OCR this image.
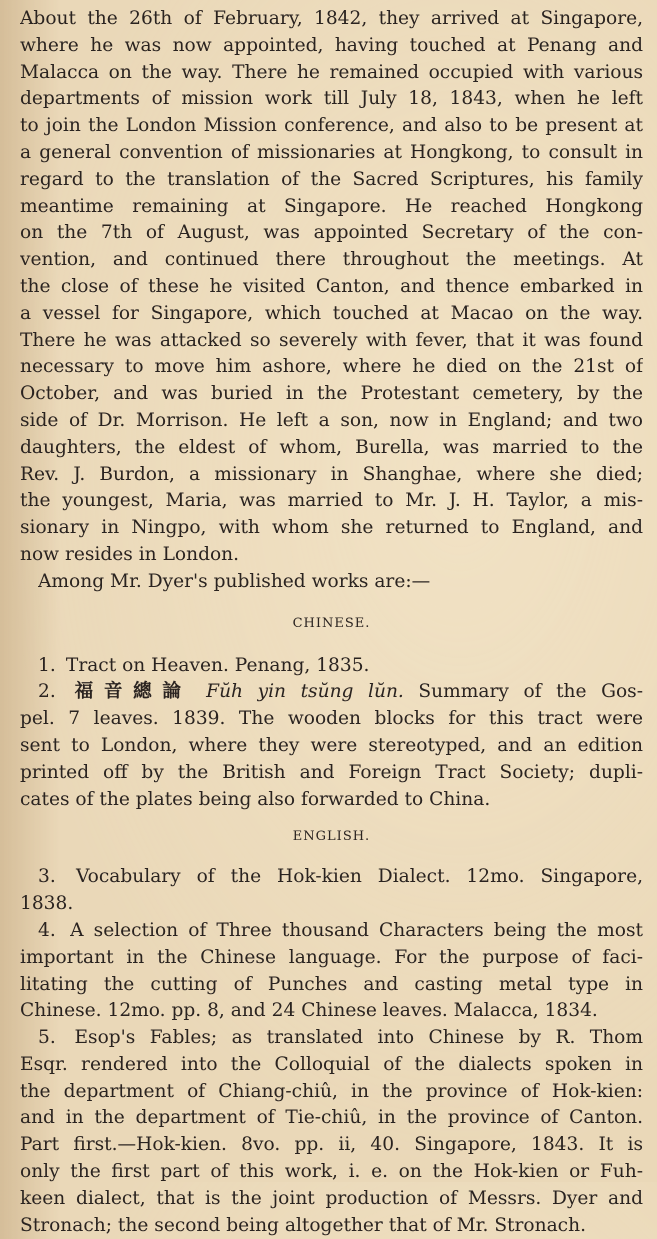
About the 26th of February, 1842, they arrived at Singapore,
where he was now appointed, having touched at Penang and
Malacca on the way. There he remained occupied with various
departments of mission work till July 18, 1843, when he left
to join the London Mission conference, and also to be present at
a general convention of missionaries at Hongkong, to consult in
regard to the translation of the Sacred Scriptures, his family
meantime remaining at Singapore. He reached Hongkong
on the 7th of August, was appointed Secretary of the con-
vention, and continued there throughout the meetings. At
the close of these he visited Canton, and thence embarked in
a vessel for Singapore, which touched at Macao on the way.
There he was attacked so severely with fever, that it was found
necessary to move him ashore, where he died on the 21st of
October, and was buried in the Protestant cemetery, by the
side of Dr. Morrison. He left a son, now in England; and two
daughters, the eldest of whom, Burella, was married to the
Rev. J. Burdon, a missionary in Shanghae, where she died;
the youngest, Maria, was married to Mr. J. H. Taylor, a mis-
sionary in Ningpo, with whom she returned to England, and
now resides in London.
Among Mr. Dyer's published works are:—
CHINESE.
1. Tract on Heaven. Penang, 1835.
2. 福音總論 Fŭh yin tsŭng lŭn. Summary of the Gos-
pel. 7 leaves. 1839. The wooden blocks for this tract were
sent to London, where they were stereotyped, and an edition
printed off by the British and Foreign Tract Society; dupli-
cates of the plates being also forwarded to China.
ENGLISH.
3. Vocabulary of the Hok-kien Dialect. 12mo. Singapore,
1838.
4. A selection of Three thousand Characters being the most
important in the Chinese language. For the purpose of faci-
litating the cutting of Punches and casting metal type in
Chinese. 12mo. pp. 8, and 24 Chinese leaves. Malacca, 1834.
5. Esop's Fables; as translated into Chinese by R. Thom
Esqr. rendered into the Colloquial of the dialects spoken in
the department of Chiang-chiû, in the province of Hok-kien:
and in the department of Tie-chiû, in the province of Canton.
Part first.—Hok-kien. 8vo. pp. ii, 40. Singapore, 1843. It is
only the first part of this work, i. e. on the Hok-kien or Fuh-
keen dialect, that is the joint production of Messrs. Dyer and
Stronach; the second being altogether that of Mr. Stronach.
